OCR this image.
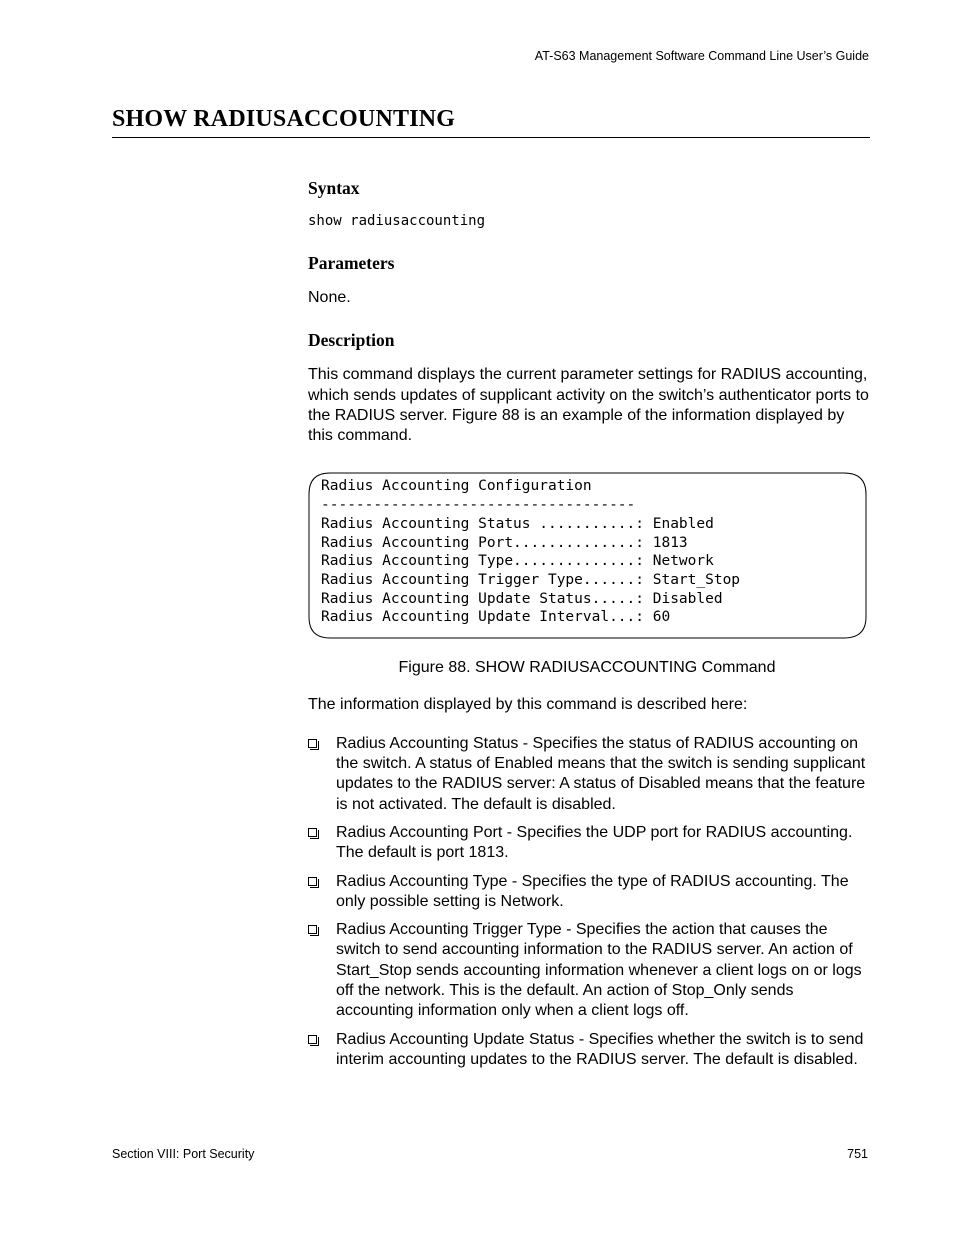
AT-S63 Management Software Command Line User’s Guide
SHOW RADIUSACCOUNTING
Syntax
show radiusaccounting
Parameters

None.

Description

This command displays the current parameter settings for RADIUS accounting, which sends updates of supplicant activity on the switch’s authenticator ports to the RADIUS server. Figure 88 is an example of the information displayed by this command.

Radius Accounting Configuration
------------------------------------
Radius Accounting Status ...........: Enabled
Radius Accounting Port..............: 1813
Radius Accounting Type..............: Network
Radius Accounting Trigger Type......: Start_Stop
Radius Accounting Update Status.....: Disabled
Radius Accounting Update Interval...: 60
Figure 88. SHOW RADIUSACCOUNTING Command

The information displayed by this command is described here:

Radius Accounting Status - Specifies the status of RADIUS accounting on the switch. A status of Enabled means that the switch is sending supplicant updates to the RADIUS server: A status of Disabled means that the feature is not activated. The default is disabled.
Radius Accounting Port - Specifies the UDP port for RADIUS accounting. The default is port 1813.
Radius Accounting Type - Specifies the type of RADIUS accounting. The only possible setting is Network.
Radius Accounting Trigger Type - Specifies the action that causes the switch to send accounting information to the RADIUS server. An action of Start_Stop sends accounting information whenever a client logs on or logs off the network. This is the default. An action of Stop_Only sends accounting information only when a client logs off.
Radius Accounting Update Status - Specifies whether the switch is to send interim accounting updates to the RADIUS server. The default is disabled.
Section VIII: Port Security	751
